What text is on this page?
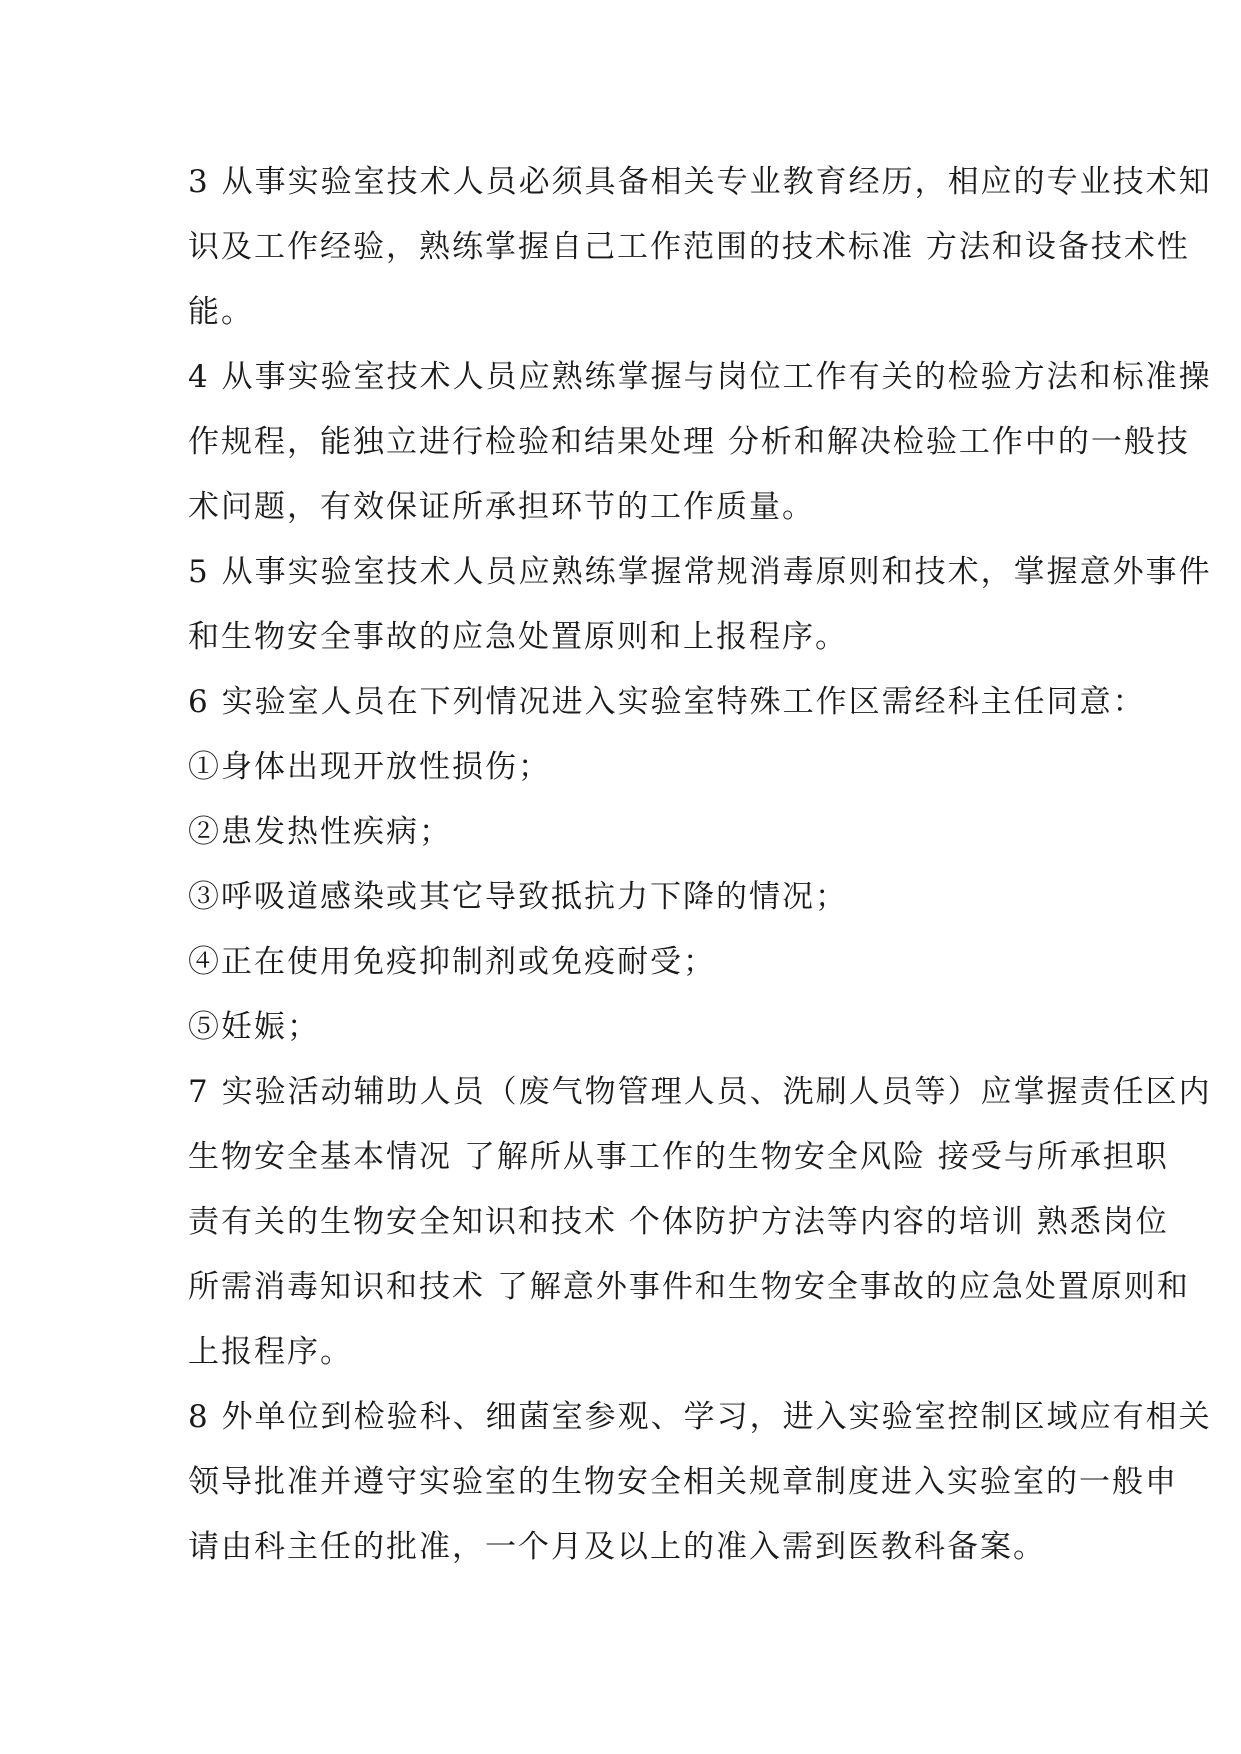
3 从事实验室技术人员必须具备相关专业教育经历，相应的专业技术知
识及工作经验，熟练掌握自己工作范围的技术标准 方法和设备技术性
能。
4 从事实验室技术人员应熟练掌握与岗位工作有关的检验方法和标准操
作规程，能独立进行检验和结果处理 分析和解决检验工作中的一般技
术问题，有效保证所承担环节的工作质量。
5 从事实验室技术人员应熟练掌握常规消毒原则和技术，掌握意外事件
和生物安全事故的应急处置原则和上报程序。
6 实验室人员在下列情况进入实验室特殊工作区需经科主任同意：
①身体出现开放性损伤；
②患发热性疾病；
③呼吸道感染或其它导致抵抗力下降的情况；
④正在使用免疫抑制剂或免疫耐受；
⑤妊娠；
7 实验活动辅助人员（废气物管理人员、洗刷人员等）应掌握责任区内
生物安全基本情况 了解所从事工作的生物安全风险 接受与所承担职
责有关的生物安全知识和技术 个体防护方法等内容的培训 熟悉岗位
所需消毒知识和技术 了解意外事件和生物安全事故的应急处置原则和
上报程序。
8 外单位到检验科、细菌室参观、学习，进入实验室控制区域应有相关
领导批准并遵守实验室的生物安全相关规章制度进入实验室的一般申
请由科主任的批准，一个月及以上的准入需到医教科备案。
